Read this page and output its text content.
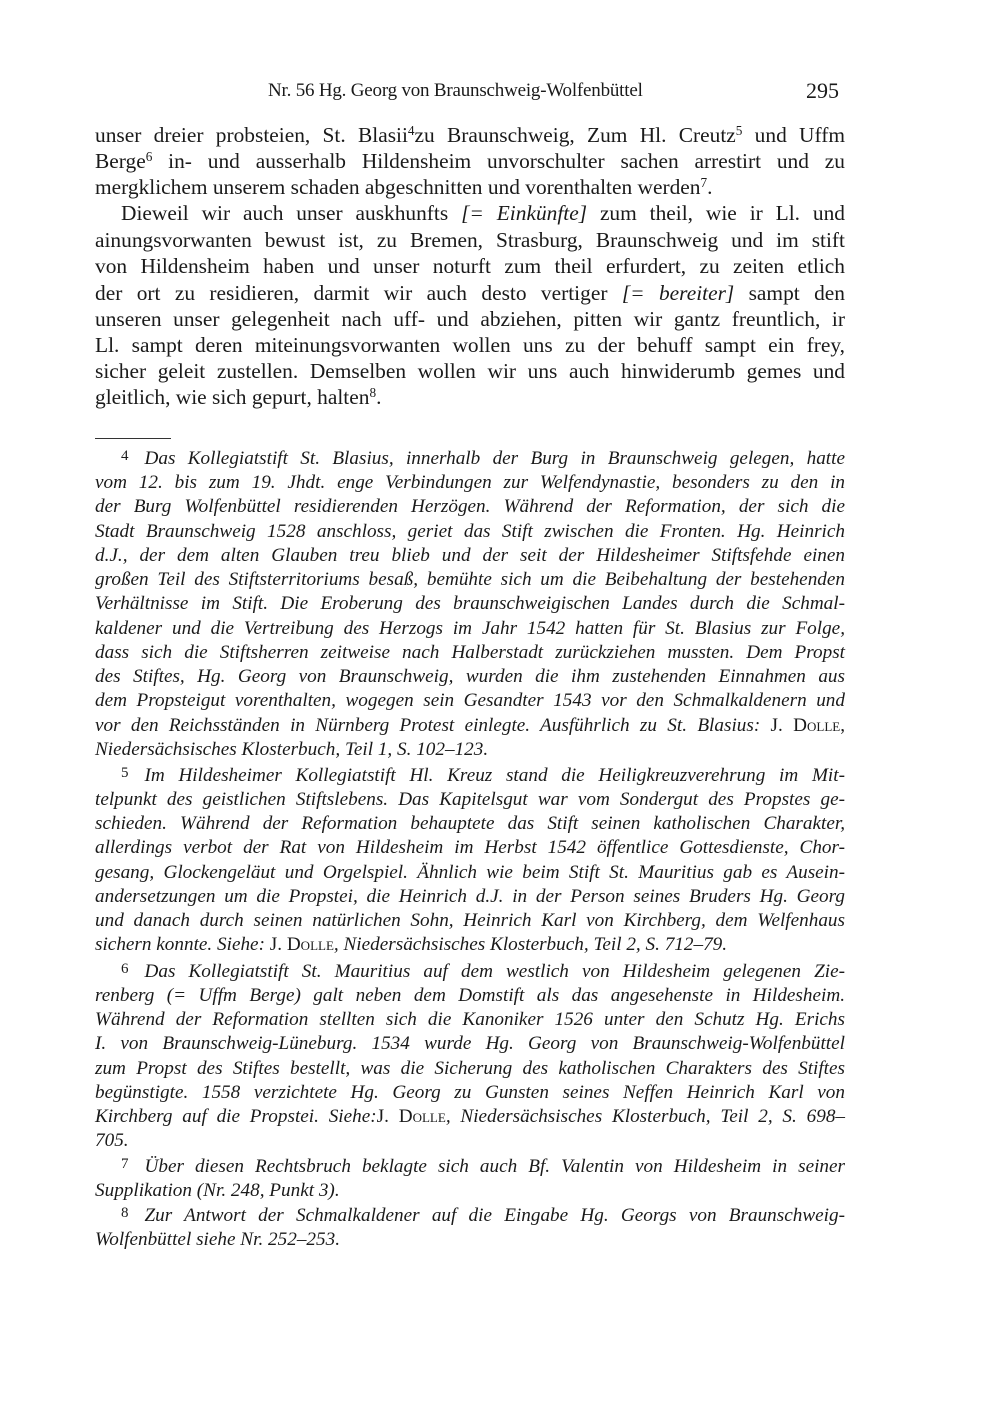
Nr. 56 Hg. Georg von Braunschweig-Wolfenbüttel	295
unser dreier probsteien, St. Blasii$^4$zu Braunschweig, Zum Hl. Creutz$^5$ und Uffm
Berge$^6$ in- und ausserhalb Hildensheim unvorschulter sachen arrestirt und zu
mergklichem unserem schaden abgeschnitten und vorenthalten werden$^7$.
Dieweil wir auch unser auskhunfts [= Einkünfte] zum theil, wie ir Ll. und
ainungsvorwanten bewust ist, zu Bremen, Strasburg, Braunschweig und im stift
von Hildensheim haben und unser noturft zum theil erfurdert, zu zeiten etlich
der ort zu residieren, darmit wir auch desto vertiger [= bereiter] sampt den
unseren unser gelegenheit nach uff- und abziehen, pitten wir gantz freuntlich, ir
Ll. sampt deren miteinungsvorwanten wollen uns zu der behuff sampt ein frey,
sicher geleit zustellen. Demselben wollen wir uns auch hinwiderumb gemes und
gleitlich, wie sich gepurt, halten$^8$.
$^4$ Das Kollegiatstift St. Blasius, innerhalb der Burg in Braunschweig gelegen, hatte
vom 12. bis zum 19. Jhdt. enge Verbindungen zur Welfendynastie, besonders zu den in
der Burg Wolfenbüttel residierenden Herzögen. Während der Reformation, der sich die
Stadt Braunschweig 1528 anschloss, geriet das Stift zwischen die Fronten. Hg. Heinrich
d.J., der dem alten Glauben treu blieb und der seit der Hildesheimer Stiftsfehde einen
großen Teil des Stiftsterritoriums besaß, bemühte sich um die Beibehaltung der bestehenden
Verhältnisse im Stift. Die Eroberung des braunschweigischen Landes durch die Schmal-
kaldener und die Vertreibung des Herzogs im Jahr 1542 hatten für St. Blasius zur Folge,
dass sich die Stiftsherren zeitweise nach Halberstadt zurückziehen mussten. Dem Propst
des Stiftes, Hg. Georg von Braunschweig, wurden die ihm zustehenden Einnahmen aus
dem Propsteigut vorenthalten, wogegen sein Gesandter 1543 vor den Schmalkaldenern und
vor den Reichsständen in Nürnberg Protest einlegte. Ausführlich zu St. Blasius: J. Dolle,
Niedersächsisches Klosterbuch, Teil 1, S. 102–123.
$^5$ Im Hildesheimer Kollegiatstift Hl. Kreuz stand die Heiligkreuzverehrung im Mit-
telpunkt des geistlichen Stiftslebens. Das Kapitelsgut war vom Sondergut des Propstes ge-
schieden. Während der Reformation behauptete das Stift seinen katholischen Charakter,
allerdings verbot der Rat von Hildesheim im Herbst 1542 öffentlice Gottesdienste, Chor-
gesang, Glockengeläut und Orgelspiel. Ähnlich wie beim Stift St. Mauritius gab es Ausein-
andersetzungen um die Propstei, die Heinrich d.J. in der Person seines Bruders Hg. Georg
und danach durch seinen natürlichen Sohn, Heinrich Karl von Kirchberg, dem Welfenhaus
sichern konnte. Siehe: J. Dolle, Niedersächsisches Klosterbuch, Teil 2, S. 712–79.
$^6$ Das Kollegiatstift St. Mauritius auf dem westlich von Hildesheim gelegenen Zie-
renberg (= Uffm Berge) galt neben dem Domstift als das angesehenste in Hildesheim.
Während der Reformation stellten sich die Kanoniker 1526 unter den Schutz Hg. Erichs
I. von Braunschweig-Lüneburg. 1534 wurde Hg. Georg von Braunschweig-Wolfenbüttel
zum Propst des Stiftes bestellt, was die Sicherung des katholischen Charakters des Stiftes
begünstigte. 1558 verzichtete Hg. Georg zu Gunsten seines Neffen Heinrich Karl von
Kirchberg auf die Propstei. Siehe:J. Dolle, Niedersächsisches Klosterbuch, Teil 2, S. 698–
705.
$^7$ Über diesen Rechtsbruch beklagte sich auch Bf. Valentin von Hildesheim in seiner
Supplikation (Nr. 248, Punkt 3).
$^8$ Zur Antwort der Schmalkaldener auf die Eingabe Hg. Georgs von Braunschweig-
Wolfenbüttel siehe Nr. 252–253.
